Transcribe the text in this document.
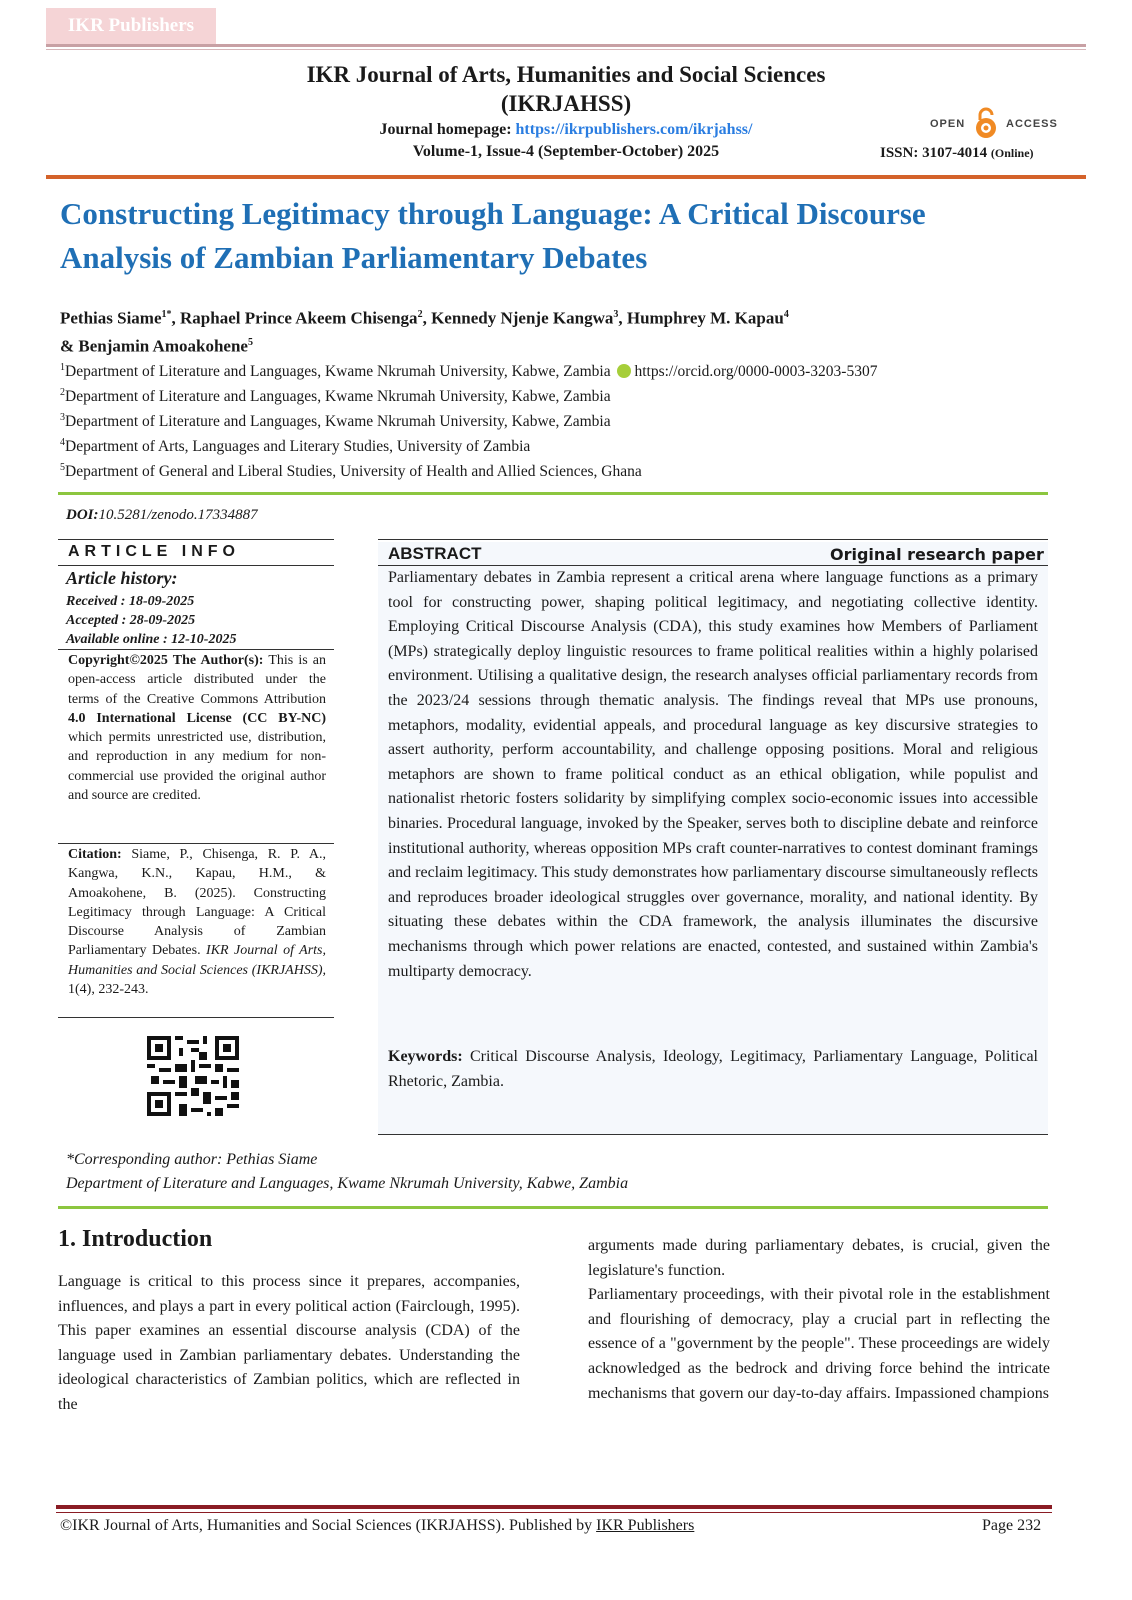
IKR Publishers
IKR Journal of Arts, Humanities and Social Sciences
(IKRJAHSS)
Journal homepage: https://ikrpublishers.com/ikrjahss/
Volume-1, Issue-4 (September-October) 2025
OPEN	ACCESS
ISSN: 3107-4014 (Online)
Constructing Legitimacy through Language: A Critical Discourse
Analysis of Zambian Parliamentary Debates
Pethias Siame$^{1*}$, Raphael Prince Akeem Chisenga$^2$, Kennedy Njenje Kangwa$^3$, Humphrey M. Kapau$^4$
& Benjamin Amoakohene$^5$
$^1$Department of Literature and Languages, Kwame Nkrumah University, Kabwe, Zambia https://orcid.org/0000-0003-3203-5307
$^2$Department of Literature and Languages, Kwame Nkrumah University, Kabwe, Zambia
$^3$Department of Literature and Languages, Kwame Nkrumah University, Kabwe, Zambia
$^4$Department of Arts, Languages and Literary Studies, University of Zambia
$^5$Department of General and Liberal Studies, University of Health and Allied Sciences, Ghana
DOI:10.5281/zenodo.17334887
ARTICLE INFO
Article history:
Received : 18-09-2025
Accepted : 28-09-2025
Available online : 12-10-2025
Copyright©2025 The Author(s): This is an open-access article distributed under the terms of the Creative Commons Attribution 4.0 International License (CC BY-NC) which permits unrestricted use, distribution, and reproduction in any medium for non-commercial use provided the original author and source are credited.
Citation: Siame, P., Chisenga, R. P. A., Kangwa, K.N., Kapau, H.M., & Amoakohene, B. (2025). Constructing Legitimacy through Language: A Critical Discourse Analysis of Zambian Parliamentary Debates. IKR Journal of Arts, Humanities and Social Sciences (IKRJAHSS), 1(4), 232-243.
ABSTRACT	Original research paper
Parliamentary debates in Zambia represent a critical arena where language functions as a primary tool for constructing power, shaping political legitimacy, and negotiating collective identity. Employing Critical Discourse Analysis (CDA), this study examines how Members of Parliament (MPs) strategically deploy linguistic resources to frame political realities within a highly polarised environment. Utilising a qualitative design, the research analyses official parliamentary records from the 2023/24 sessions through thematic analysis. The findings reveal that MPs use pronouns, metaphors, modality, evidential appeals, and procedural language as key discursive strategies to assert authority, perform accountability, and challenge opposing positions. Moral and religious metaphors are shown to frame political conduct as an ethical obligation, while populist and nationalist rhetoric fosters solidarity by simplifying complex socio-economic issues into accessible binaries. Procedural language, invoked by the Speaker, serves both to discipline debate and reinforce institutional authority, whereas opposition MPs craft counter-narratives to contest dominant framings and reclaim legitimacy. This study demonstrates how parliamentary discourse simultaneously reflects and reproduces broader ideological struggles over governance, morality, and national identity. By situating these debates within the CDA framework, the analysis illuminates the discursive mechanisms through which power relations are enacted, contested, and sustained within Zambia's multiparty democracy.
Keywords: Critical Discourse Analysis, Ideology, Legitimacy, Parliamentary Language, Political Rhetoric, Zambia.
*Corresponding author: Pethias Siame
Department of Literature and Languages, Kwame Nkrumah University, Kabwe, Zambia
1. Introduction

Language is critical to this process since it prepares, accompanies, influences, and plays a part in every political action (Fairclough, 1995). This paper examines an essential discourse analysis (CDA) of the language used in Zambian parliamentary debates. Understanding the ideological characteristics of Zambian politics, which are reflected in the

arguments made during parliamentary debates, is crucial, given the legislature's function.

Parliamentary proceedings, with their pivotal role in the establishment and flourishing of democracy, play a crucial part in reflecting the essence of a "government by the people". These proceedings are widely acknowledged as the bedrock and driving force behind the intricate mechanisms that govern our day-to-day affairs. Impassioned champions

©IKR Journal of Arts, Humanities and Social Sciences (IKRJAHSS). Published by IKR Publishers	Page 232
